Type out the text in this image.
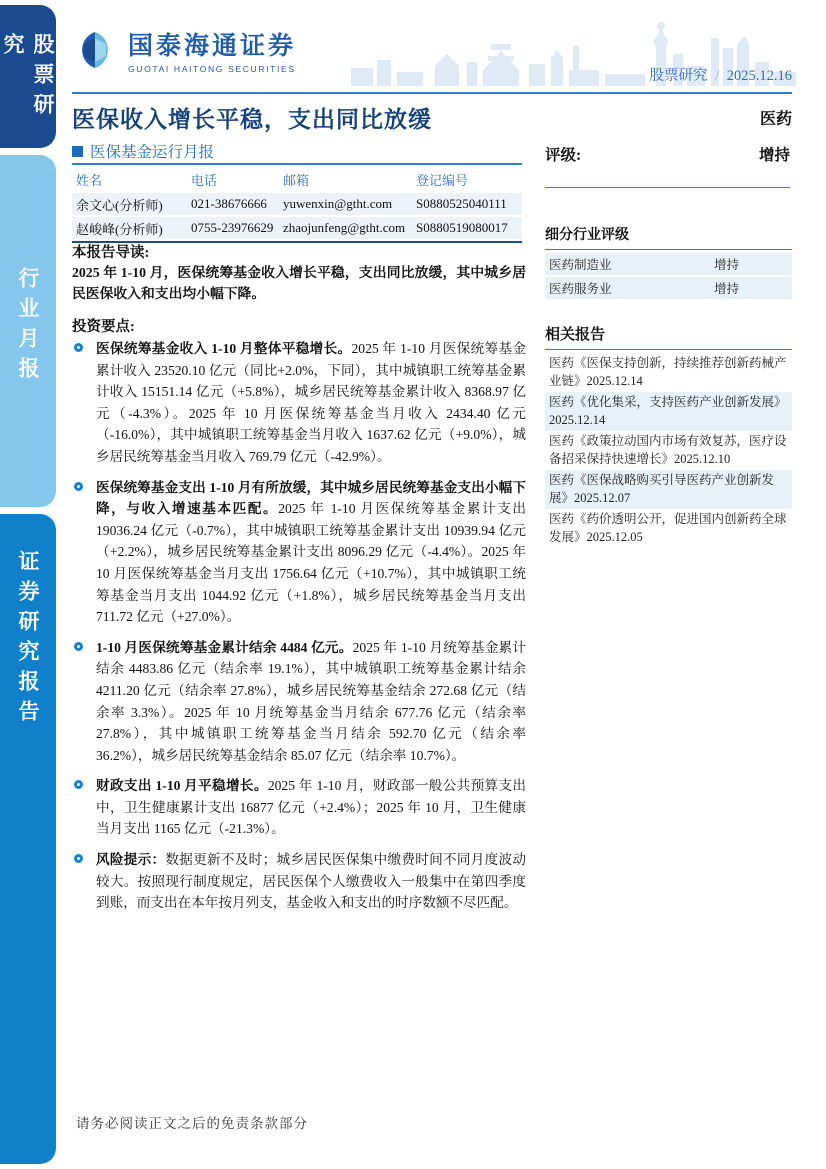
股票研究
行业月报
证券研究报告
国泰海通证券
GUOTAI HAITONG SECURITIES	股票研究 / 2025.12.16
医保收入增长平稳，支出同比放缓	医药
医保基金运行月报	评级:	增持
姓名	电话	邮箱	登记编号
余文心(分析师)	021-38676666	yuwenxin@gtht.com	S0880525040111
赵峻峰(分析师)	0755-23976629 zhaojunfeng@gtht.com S0880519080017
本报告导读:
2025 年 1-10 月，医保统筹基金收入增长平稳，支出同比放缓，其中城乡居民医保收入和支出均小幅下降。
投资要点:

医保统筹基金收入 1-10 月整体平稳增长。2025 年 1-10 月医保统筹基金累计收入 23520.10 亿元（同比+2.0%，下同），其中城镇职工统筹基金累计收入 15151.14 亿元（+5.8%），城乡居民统筹基金累计收入 8368.97 亿元（-4.3%）。2025 年 10 月医保统筹基金当月收入 2434.40 亿元（-16.0%），其中城镇职工统筹基金当月收入 1637.62 亿元（+9.0%），城乡居民统筹基金当月收入 769.79 亿元（-42.9%）。

医保统筹基金支出 1-10 月有所放缓，其中城乡居民统筹基金支出小幅下降，与收入增速基本匹配。2025 年 1-10 月医保统筹基金累计支出 19036.24 亿元（-0.7%），其中城镇职工统筹基金累计支出 10939.94 亿元（+2.2%），城乡居民统筹基金累计支出 8096.29 亿元（-4.4%）。2025 年 10 月医保统筹基金当月支出 1756.64 亿元（+10.7%），其中城镇职工统筹基金当月支出 1044.92 亿元（+1.8%），城乡居民统筹基金当月支出 711.72 亿元（+27.0%）。

1-10 月医保统筹基金累计结余 4484 亿元。2025 年 1-10 月统筹基金累计结余 4483.86 亿元（结余率 19.1%），其中城镇职工统筹基金累计结余 4211.20 亿元（结余率 27.8%），城乡居民统筹基金结余 272.68 亿元（结余率 3.3%）。2025 年 10 月统筹基金当月结余 677.76 亿元（结余率 27.8%），其中城镇职工统筹基金当月结余 592.70 亿元（结余率 36.2%），城乡居民统筹基金结余 85.07 亿元（结余率 10.7%）。

财政支出 1-10 月平稳增长。2025 年 1-10 月，财政部一般公共预算支出中，卫生健康累计支出 16877 亿元（+2.4%）；2025 年 10 月，卫生健康当月支出 1165 亿元（-21.3%）。

风险提示：数据更新不及时；城乡居民医保集中缴费时间不同月度波动较大。按照现行制度规定，居民医保个人缴费收入一般集中在第四季度到账，而支出在本年按月列支，基金收入和支出的时序数额不尽匹配。

细分行业评级
医药制造业	增持
医药服务业	增持
相关报告
医药《医保支持创新，持续推荐创新药械产业链》2025.12.14
医药《优化集采，支持医药产业创新发展》2025.12.14
医药《政策拉动国内市场有效复苏，医疗设备招采保持快速增长》2025.12.10
医药《医保战略购买引导医药产业创新发展》2025.12.07
医药《药价透明公开，促进国内创新药全球发展》2025.12.05
请务必阅读正文之后的免责条款部分
